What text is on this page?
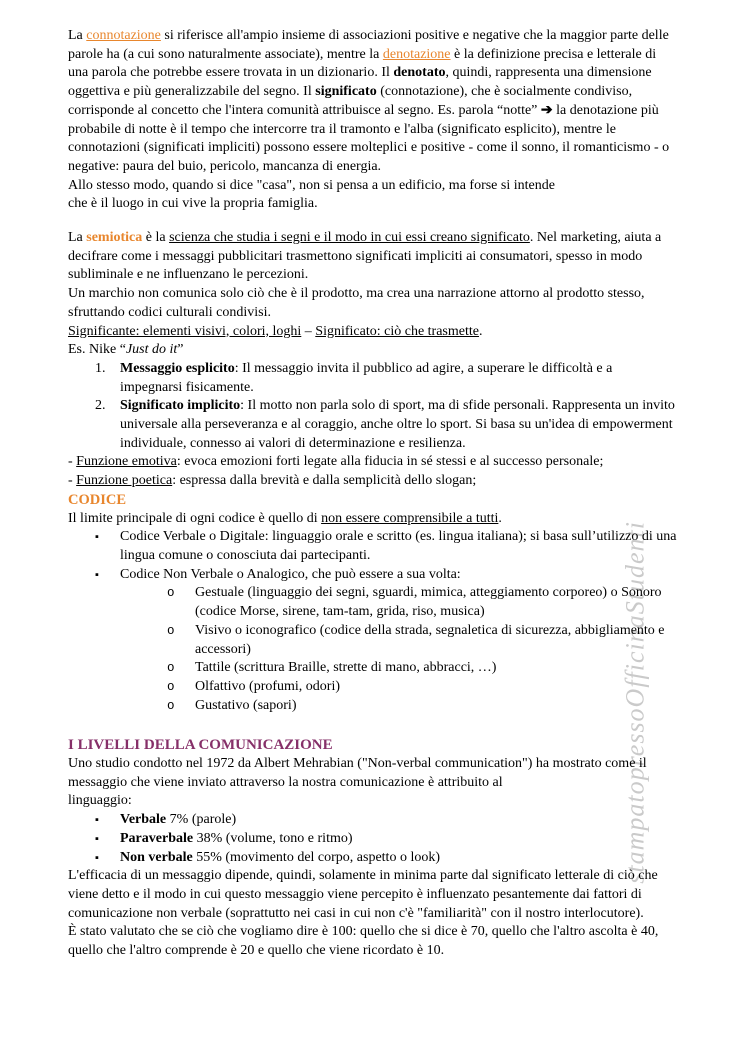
stampatopressoOfficinaStudenti

La connotazione si riferisce all'ampio insieme di associazioni positive e negative che la maggior parte delle parole ha (a cui sono naturalmente associate), mentre la denotazione è la definizione precisa e letterale di una parola che potrebbe essere trovata in un dizionario. Il denotato, quindi, rappresenta una dimensione oggettiva e più generalizzabile del segno. Il significato (connotazione), che è socialmente condiviso, corrisponde al concetto che l'intera comunità attribuisce al segno. Es. parola “notte” ➔ la denotazione più probabile di notte è il tempo che intercorre tra il tramonto e l'alba (significato esplicito), mentre le connotazioni (significati impliciti) possono essere molteplici e positive - come il sonno, il romanticismo - o negative: paura del buio, pericolo, mancanza di energia.

Allo stesso modo, quando si dice "casa", non si pensa a un edificio, ma forse si intende
che è il luogo in cui vive la propria famiglia.

La semiotica è la scienza che studia i segni e il modo in cui essi creano significato. Nel marketing, aiuta a decifrare come i messaggi pubblicitari trasmettono significati impliciti ai consumatori, spesso in modo subliminale e ne influenzano le percezioni.

Un marchio non comunica solo ciò che è il prodotto, ma crea una narrazione attorno al prodotto stesso, sfruttando codici culturali condivisi.

Significante: elementi visivi, colori, loghi – Significato: ciò che trasmette.

Es. Nike “Just do it”

1. Messaggio esplicito: Il messaggio invita il pubblico ad agire, a superare le difficoltà e a impegnarsi fisicamente.
2. Significato implicito: Il motto non parla solo di sport, ma di sfide personali. Rappresenta un invito universale alla perseveranza e al coraggio, anche oltre lo sport. Si basa su un'idea di empowerment individuale, connesso ai valori di determinazione e resilienza.

- Funzione emotiva: evoca emozioni forti legate alla fiducia in sé stessi e al successo personale;

- Funzione poetica: espressa dalla brevità e dalla semplicità dello slogan;

CODICE

Il limite principale di ogni codice è quello di non essere comprensibile a tutti.

▪ Codice Verbale o Digitale: linguaggio orale e scritto (es. lingua italiana); si basa sull’utilizzo di una lingua comune o conosciuta dai partecipanti.
▪ Codice Non Verbale o Analogico, che può essere a sua volta:
o Gestuale (linguaggio dei segni, sguardi, mimica, atteggiamento corporeo) o Sonoro
(codice Morse, sirene, tam-tam, grida, riso, musica)
o Visivo o iconografico (codice della strada, segnaletica di sicurezza, abbigliamento e accessori)
o Tattile (scrittura Braille, strette di mano, abbracci, …)
o Olfattivo (profumi, odori)
o Gustativo (sapori)
I LIVELLI DELLA COMUNICAZIONE

Uno studio condotto nel 1972 da Albert Mehrabian ("Non-verbal communication") ha mostrato come il messaggio che viene inviato attraverso la nostra comunicazione è attribuito al
linguaggio:

▪ Verbale 7% (parole)
▪ Paraverbale 38% (volume, tono e ritmo)
▪ Non verbale 55% (movimento del corpo, aspetto o look)

L'efficacia di un messaggio dipende, quindi, solamente in minima parte dal significato letterale di ciò che viene detto e il modo in cui questo messaggio viene percepito è influenzato pesantemente dai fattori di comunicazione non verbale (soprattutto nei casi in cui non c'è "familiarità" con il nostro interlocutore).

È stato valutato che se ciò che vogliamo dire è 100: quello che si dice è 70, quello che l'altro ascolta è 40, quello che l'altro comprende è 20 e quello che viene ricordato è 10.
